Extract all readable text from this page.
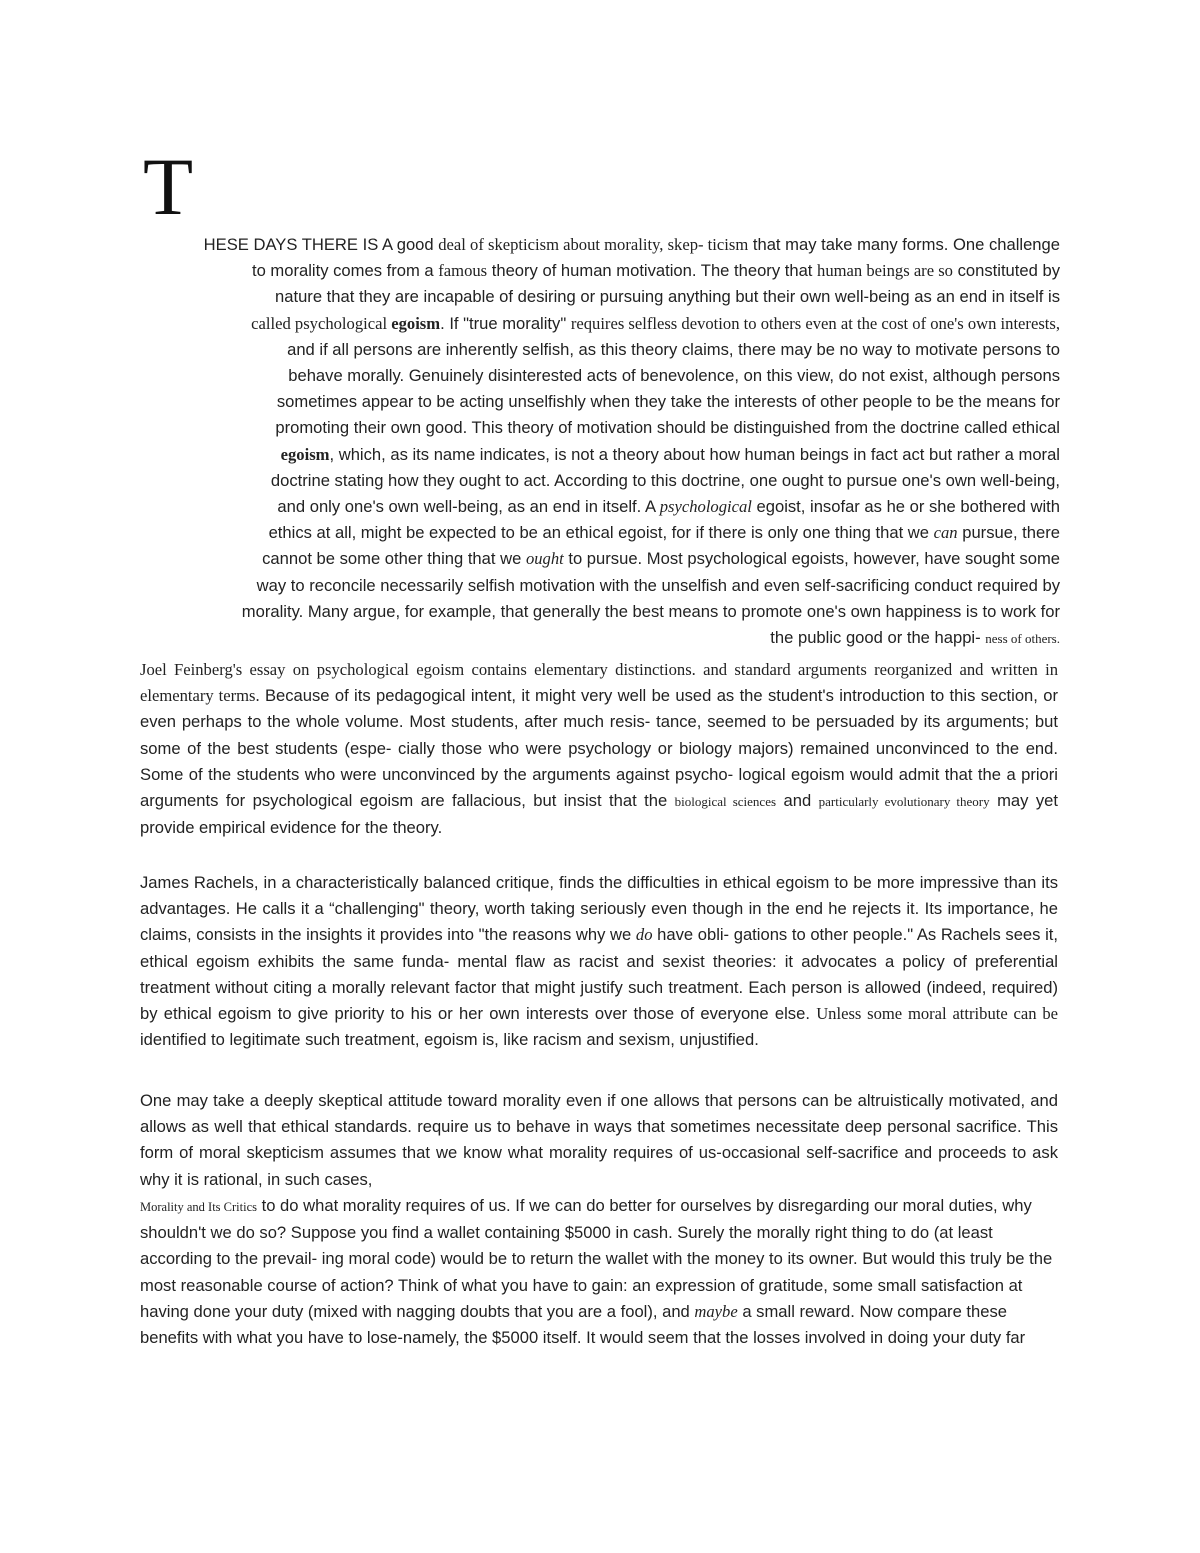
T
HESE DAYS THERE IS A good deal of skepticism about morality, skep- ticism that may take many forms. One challenge
to morality comes from a famous theory of human motivation. The theory that human beings are so constituted by
nature that they are incapable of desiring or pursuing anything but their own well-being as an end in itself is
called psychological egoism. If "true morality" requires selfless devotion to others even at the cost of one's own interests,
and if all persons are inherently selfish, as this theory claims, there may be no way to motivate persons to
behave morally. Genuinely disinterested acts of benevolence, on this view, do not exist, although persons
sometimes appear to be acting unselfishly when they take the interests of other people to be the means for
promoting their own good. This theory of motivation should be distinguished from the doctrine called ethical
egoism, which, as its name indicates, is not a theory about how human beings in fact act but rather a moral
doctrine stating how they ought to act. According to this doctrine, one ought to pursue one's own well-being,
and only one's own well-being, as an end in itself. A psychological egoist, insofar as he or she bothered with
ethics at all, might be expected to be an ethical egoist, for if there is only one thing that we can pursue, there
cannot be some other thing that we ought to pursue. Most psychological egoists, however, have sought some
way to reconcile necessarily selfish motivation with the unselfish and even self-sacrificing conduct required by
morality. Many argue, for example, that generally the best means to promote one's own happiness is to work for
the public good or the happi- ness of others.
Joel Feinberg's essay on psychological egoism contains elementary distinctions. and standard arguments reorganized and written in elementary terms. Because of its pedagogical intent, it might very well be used as the student's introduction to this section, or even perhaps to the whole volume. Most students, after much resis- tance, seemed to be persuaded by its arguments; but some of the best students (espe- cially those who were psychology or biology majors) remained unconvinced to the end. Some of the students who were unconvinced by the arguments against psycho- logical egoism would admit that the a priori arguments for psychological egoism are fallacious, but insist that the biological sciences and particularly evolutionary theory may yet provide empirical evidence for the theory.
James Rachels, in a characteristically balanced critique, finds the difficulties in ethical egoism to be more impressive than its advantages. He calls it a “challenging" theory, worth taking seriously even though in the end he rejects it. Its importance, he claims, consists in the insights it provides into "the reasons why we do have obli- gations to other people." As Rachels sees it, ethical egoism exhibits the same funda- mental flaw as racist and sexist theories: it advocates a policy of preferential treatment without citing a morally relevant factor that might justify such treatment. Each person is allowed (indeed, required) by ethical egoism to give priority to his or her own interests over those of everyone else. Unless some moral attribute can be identified to legitimate such treatment, egoism is, like racism and sexism, unjustified.
One may take a deeply skeptical attitude toward morality even if one allows that persons can be altruistically motivated, and allows as well that ethical standards. require us to behave in ways that sometimes necessitate deep personal sacrifice. This form of moral skepticism assumes that we know what morality requires of us-occasional self-sacrifice and proceeds to ask why it is rational, in such cases,
Morality and Its Critics to do what morality requires of us. If we can do better for ourselves by disregarding our moral duties, why shouldn't we do so? Suppose you find a wallet containing $5000 in cash. Surely the morally right thing to do (at least according to the prevail- ing moral code) would be to return the wallet with the money to its owner. But would this truly be the most reasonable course of action? Think of what you have to gain: an expression of gratitude, some small satisfaction at having done your duty (mixed with nagging doubts that you are a fool), and maybe a small reward. Now compare these benefits with what you have to lose-namely, the $5000 itself. It would seem that the losses involved in doing your duty far
